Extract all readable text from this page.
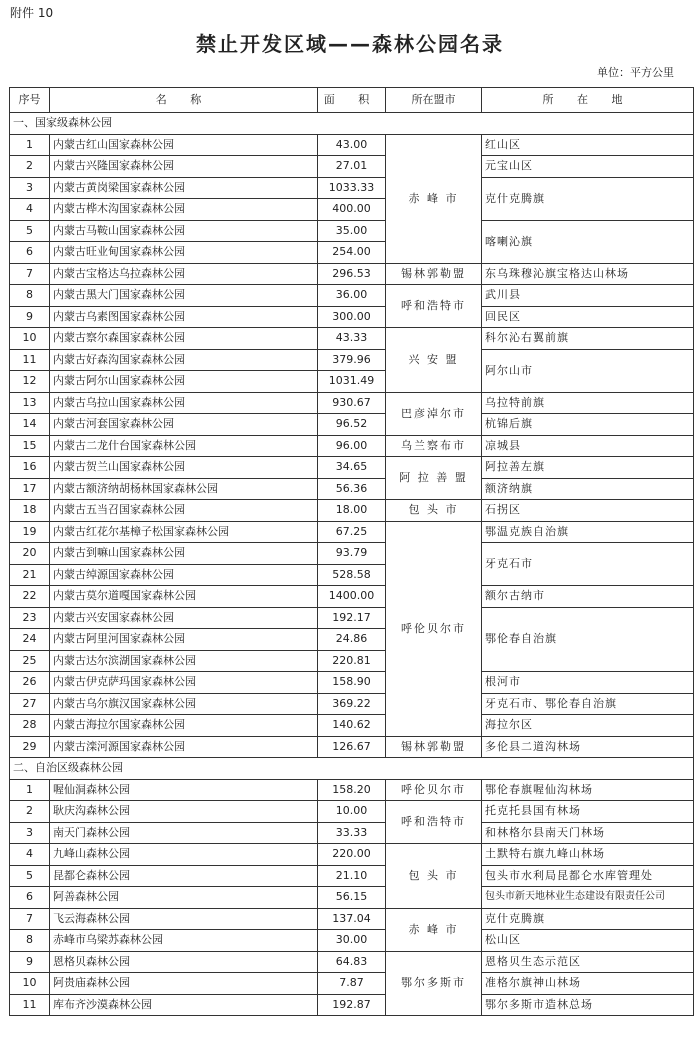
附件 10
禁止开发区域——森林公园名录
单位：平方公里
序号	名 称	面 积	所在盟市	所 在 地
一、国家级森林公园				
1	内蒙古红山国家森林公园	43.00	赤 峰 市	红山区
2	内蒙古兴隆国家森林公园	27.01		元宝山区
3	内蒙古黄岗梁国家森林公园	1033.33		克什克腾旗
4	内蒙古桦木沟国家森林公园	400.00		
5	内蒙古马鞍山国家森林公园	35.00		喀喇沁旗
6	内蒙古旺业甸国家森林公园	254.00		
7	内蒙古宝格达乌拉森林公园	296.53	锡林郭勒盟	东乌珠穆沁旗宝格达山林场
8	内蒙古黑大门国家森林公园	36.00	呼和浩特市	武川县
9	内蒙古乌素图国家森林公园	300.00		回民区
10	内蒙古察尔森国家森林公园	43.33	兴 安 盟	科尔沁右翼前旗
11	内蒙古好森沟国家森林公园	379.96		阿尔山市
12	内蒙古阿尔山国家森林公园	1031.49		
13	内蒙古乌拉山国家森林公园	930.67	巴彦淖尔市	乌拉特前旗
14	内蒙古河套国家森林公园	96.52		杭锦后旗
15	内蒙古二龙什台国家森林公园	96.00	乌兰察布市	凉城县
16	内蒙古贺兰山国家森林公园	34.65	阿 拉 善 盟	阿拉善左旗
17	内蒙古额济纳胡杨林国家森林公园	56.36		额济纳旗
18	内蒙古五当召国家森林公园	18.00	包 头 市	石拐区
19	内蒙古红花尔基樟子松国家森林公园	67.25	呼伦贝尔市	鄂温克族自治旗
20	内蒙古到嘛山国家森林公园	93.79		牙克石市
21	内蒙古绰源国家森林公园	528.58		
22	内蒙古莫尔道嘎国家森林公园	1400.00		额尔古纳市
23	内蒙古兴安国家森林公园	192.17		鄂伦春自治旗
24	内蒙古阿里河国家森林公园	24.86		
25	内蒙古达尔滨湖国家森林公园	220.81		
26	内蒙古伊克萨玛国家森林公园	158.90		根河市
27	内蒙古乌尔旗汉国家森林公园	369.22		牙克石市、鄂伦春自治旗
28	内蒙古海拉尔国家森林公园	140.62		海拉尔区
29	内蒙古滦河源国家森林公园	126.67	锡林郭勒盟	多伦县二道沟林场
二、自治区级森林公园				
1	喔仙洞森林公园	158.20	呼伦贝尔市	鄂伦春旗喔仙沟林场
2	耿庆沟森林公园	10.00	呼和浩特市	托克托县国有林场
3	南天门森林公园	33.33		和林格尔县南天门林场
4	九峰山森林公园	220.00	包 头 市	土默特右旗九峰山林场
5	昆都仑森林公园	21.10		包头市水利局昆都仑水库管理处
6	阿善森林公园	56.15		包头市新天地林业生态建设有限责任公司
7	飞云海森林公园	137.04	赤 峰 市	克什克腾旗
8	赤峰市乌梁苏森林公园	30.00		松山区
9	恩格贝森林公园	64.83	鄂尔多斯市	恩格贝生态示范区
10	阿贵庙森林公园	7.87		准格尔旗神山林场
11	库布齐沙漠森林公园	192.87		鄂尔多斯市造林总场
